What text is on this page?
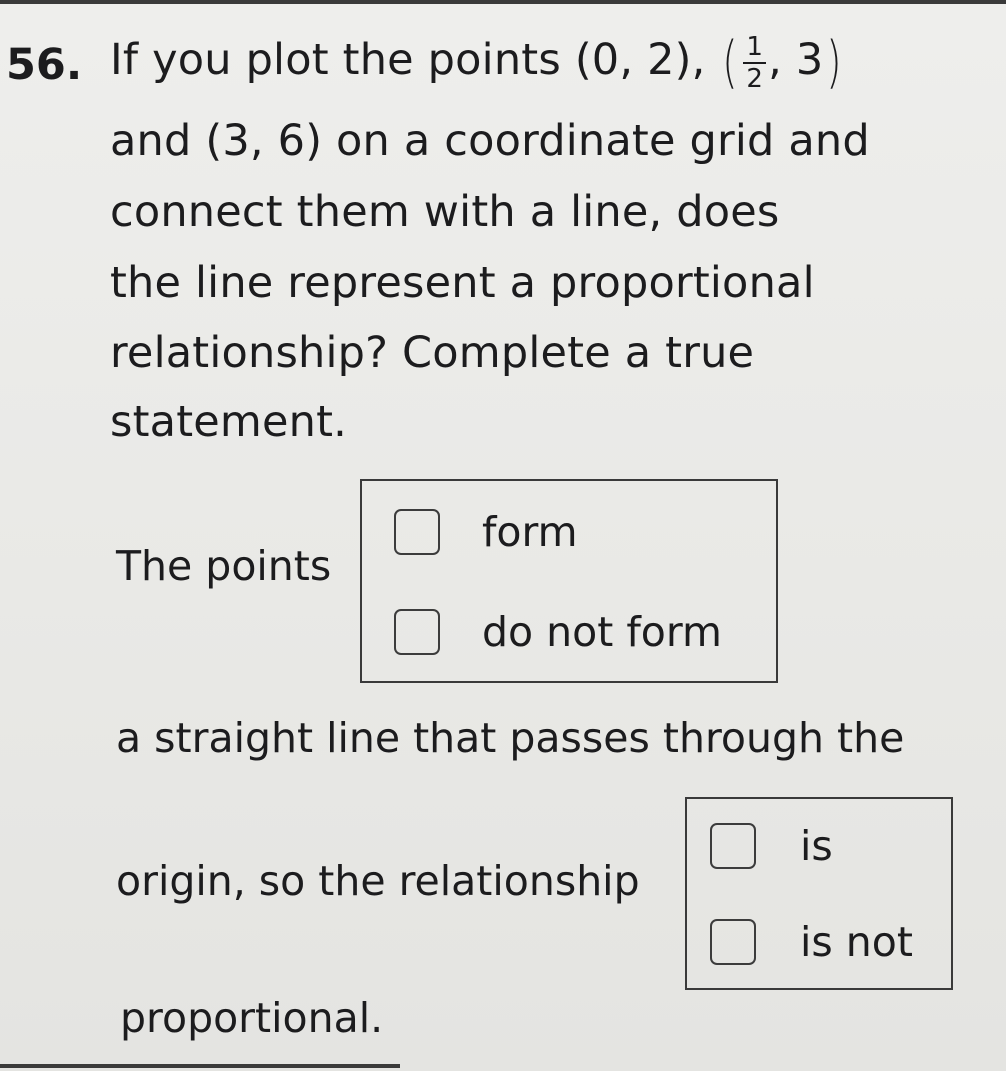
56. If you plot the points (0, 2), ( $\frac{1}{2}$ , 3)
and (3, 6) on a coordinate grid and
connect them with a line, does
the line represent a proportional
relationship? Complete a true
statement.
The points
form
do not form
a straight line that passes through the
origin, so the relationship
is
is not
proportional.
